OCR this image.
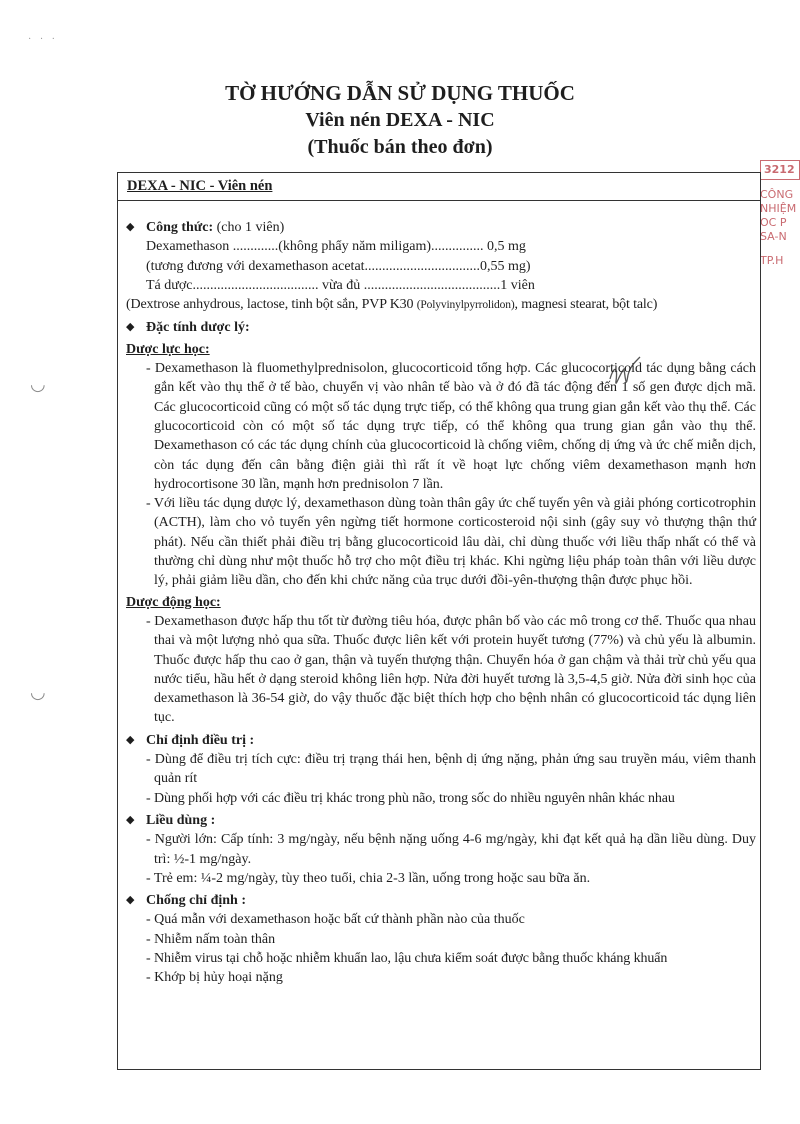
· · ·
◡
◡
3212
CÔNG
NHIỆM
OC P
SA-N
TP.H
TỜ HƯỚNG DẪN SỬ DỤNG THUỐC
Viên nén DEXA - NIC
(Thuốc bán theo đơn)
DEXA - NIC - Viên nén
◆ Công thức: (cho 1 viên)
Dexamethason .............(không phẩy năm miligam)............... 0,5 mg
(tương đương với dexamethason acetat.................................0,55 mg)
Tá dược.................................... vừa đủ .......................................1 viên
(Dextrose anhydrous, lactose, tinh bột sắn, PVP K30 (Polyvinylpyrrolidon), magnesi stearat, bột talc)
◆ Đặc tính dược lý:
Dược lực học:
- Dexamethason là fluomethylprednisolon, glucocorticoid tổng hợp. Các glucocorticoid tác dụng bằng cách gắn kết vào thụ thể ở tế bào, chuyển vị vào nhân tế bào và ở đó đã tác động đến 1 số gen được dịch mã. Các glucocorticoid cũng có một số tác dụng trực tiếp, có thể không qua trung gian gắn kết vào thụ thể. Các glucocorticoid còn có một số tác dụng trực tiếp, có thể không qua trung gian gắn vào thụ thể. Dexamethason có các tác dụng chính của glucocorticoid là chống viêm, chống dị ứng và ức chế miễn dịch, còn tác dụng đến cân bằng điện giải thì rất ít về hoạt lực chống viêm dexamethason mạnh hơn hydrocortisone 30 lần, mạnh hơn prednisolon 7 lần.
- Với liều tác dụng dược lý, dexamethason dùng toàn thân gây ức chế tuyến yên và giải phóng corticotrophin (ACTH), làm cho vỏ tuyến yên ngừng tiết hormone corticosteroid nội sinh (gây suy vỏ thượng thận thứ phát). Nếu cần thiết phải điều trị bằng glucocorticoid lâu dài, chỉ dùng thuốc với liều thấp nhất có thể và thường chỉ dùng như một thuốc hỗ trợ cho một điều trị khác. Khi ngừng liệu pháp toàn thân với liều dược lý, phải giảm liều dần, cho đến khi chức năng của trục dưới đồi-yên-thượng thận được phục hồi.
Dược động học:
- Dexamethason được hấp thu tốt từ đường tiêu hóa, được phân bố vào các mô trong cơ thể. Thuốc qua nhau thai và một lượng nhỏ qua sữa. Thuốc được liên kết với protein huyết tương (77%) và chủ yếu là albumin. Thuốc được hấp thu cao ở gan, thận và tuyến thượng thận. Chuyển hóa ở gan chậm và thải trừ chủ yếu qua nước tiểu, hầu hết ở dạng steroid không liên hợp. Nửa đời huyết tương là 3,5-4,5 giờ. Nửa đời sinh học của dexamethason là 36-54 giờ, do vậy thuốc đặc biệt thích hợp cho bệnh nhân có glucocorticoid tác dụng liên tục.
◆ Chỉ định điều trị :
- Dùng để điều trị tích cực: điều trị trạng thái hen, bệnh dị ứng nặng, phản ứng sau truyền máu, viêm thanh quản rít
- Dùng phối hợp với các điều trị khác trong phù não, trong sốc do nhiều nguyên nhân khác nhau
◆ Liều dùng :
- Người lớn: Cấp tính: 3 mg/ngày, nếu bệnh nặng uống 4-6 mg/ngày, khi đạt kết quả hạ dần liều dùng. Duy trì: ½-1 mg/ngày.
- Trẻ em: ¼-2 mg/ngày, tùy theo tuổi, chia 2-3 lần, uống trong hoặc sau bữa ăn.
◆ Chống chỉ định :
- Quá mẫn với dexamethason hoặc bất cứ thành phần nào của thuốc
- Nhiễm nấm toàn thân
- Nhiễm virus tại chỗ hoặc nhiễm khuẩn lao, lậu chưa kiểm soát được bằng thuốc kháng khuẩn
- Khớp bị hủy hoại nặng
